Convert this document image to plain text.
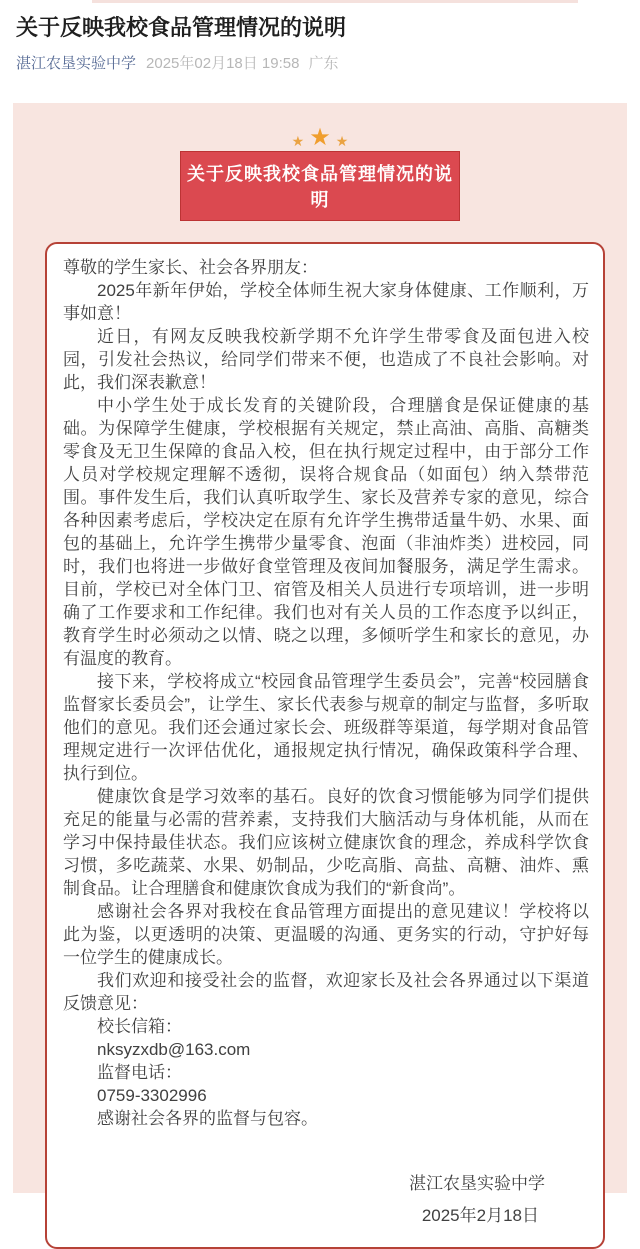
关于反映我校食品管理情况的说明
湛江农垦实验中学 2025年02月18日 19:58 广东
★ ★ ★
关于反映我校食品管理情况的说明

尊敬的学生家长、社会各界朋友：

2025年新年伊始，学校全体师生祝大家身体健康、工作顺利，万事如意！

近日，有网友反映我校新学期不允许学生带零食及面包进入校园，引发社会热议，给同学们带来不便，也造成了不良社会影响。对此，我们深表歉意！

中小学生处于成长发育的关键阶段，合理膳食是保证健康的基础。为保障学生健康，学校根据有关规定，禁止高油、高脂、高糖类零食及无卫生保障的食品入校，但在执行规定过程中，由于部分工作人员对学校规定理解不透彻，误将合规食品（如面包）纳入禁带范围。事件发生后，我们认真听取学生、家长及营养专家的意见，综合各种因素考虑后，学校决定在原有允许学生携带适量牛奶、水果、面包的基础上，允许学生携带少量零食、泡面（非油炸类）进校园，同时，我们也将进一步做好食堂管理及夜间加餐服务，满足学生需求。目前，学校已对全体门卫、宿管及相关人员进行专项培训，进一步明确了工作要求和工作纪律。我们也对有关人员的工作态度予以纠正，教育学生时必须动之以情、晓之以理，多倾听学生和家长的意见，办有温度的教育。

接下来，学校将成立“校园食品管理学生委员会”，完善“校园膳食监督家长委员会”，让学生、家长代表参与规章的制定与监督，多听取他们的意见。我们还会通过家长会、班级群等渠道，每学期对食品管理规定进行一次评估优化，通报规定执行情况，确保政策科学合理、执行到位。

健康饮食是学习效率的基石。良好的饮食习惯能够为同学们提供充足的能量与必需的营养素，支持我们大脑活动与身体机能，从而在学习中保持最佳状态。我们应该树立健康饮食的理念，养成科学饮食习惯，多吃蔬菜、水果、奶制品，少吃高脂、高盐、高糖、油炸、熏制食品。让合理膳食和健康饮食成为我们的“新食尚”。

感谢社会各界对我校在食品管理方面提出的意见建议！学校将以此为鉴，以更透明的决策、更温暖的沟通、更务实的行动，守护好每一位学生的健康成长。

我们欢迎和接受社会的监督，欢迎家长及社会各界通过以下渠道反馈意见：

校长信箱：

nksyzxdb@163.com

监督电话：

0759-3302996

感谢社会各界的监督与包容。

湛江农垦实验中学

2025年2月18日
